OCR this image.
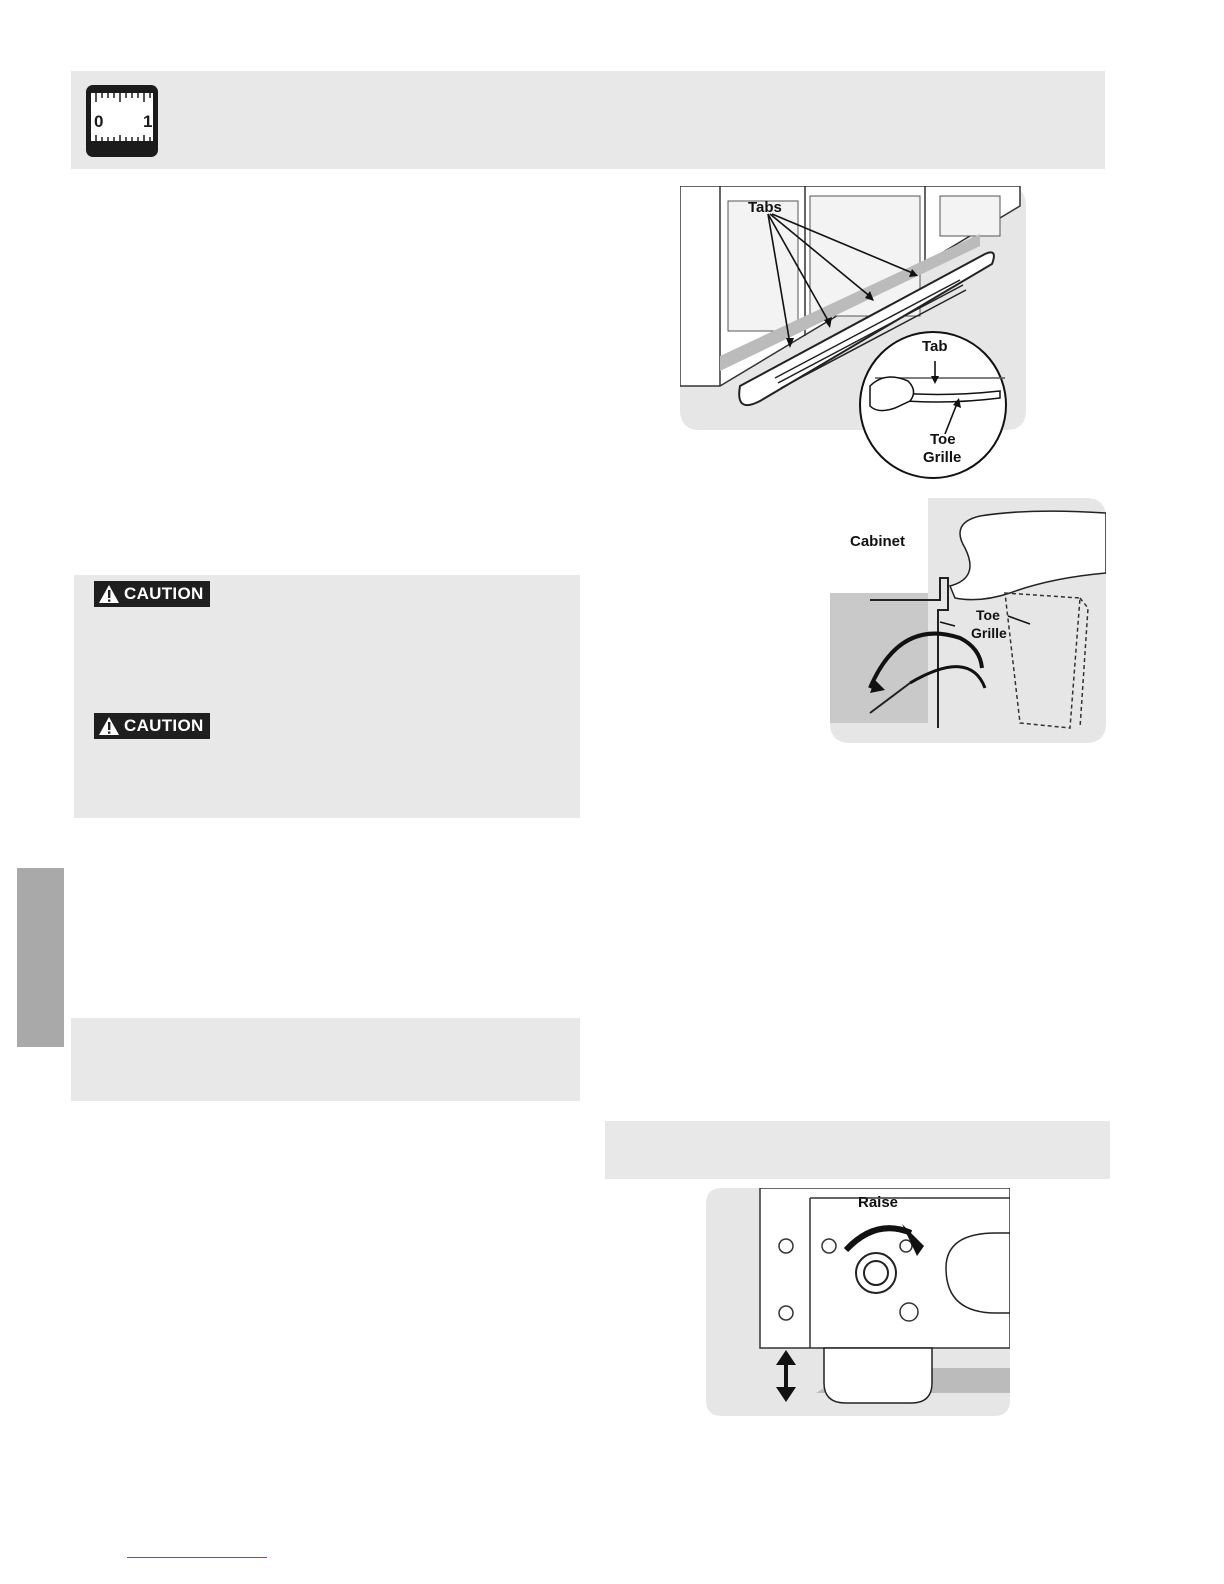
0 1
Tabs
Tab
Toe
Grille
Cabinet
Toe
Grille
CAUTION
CAUTION
Raise
